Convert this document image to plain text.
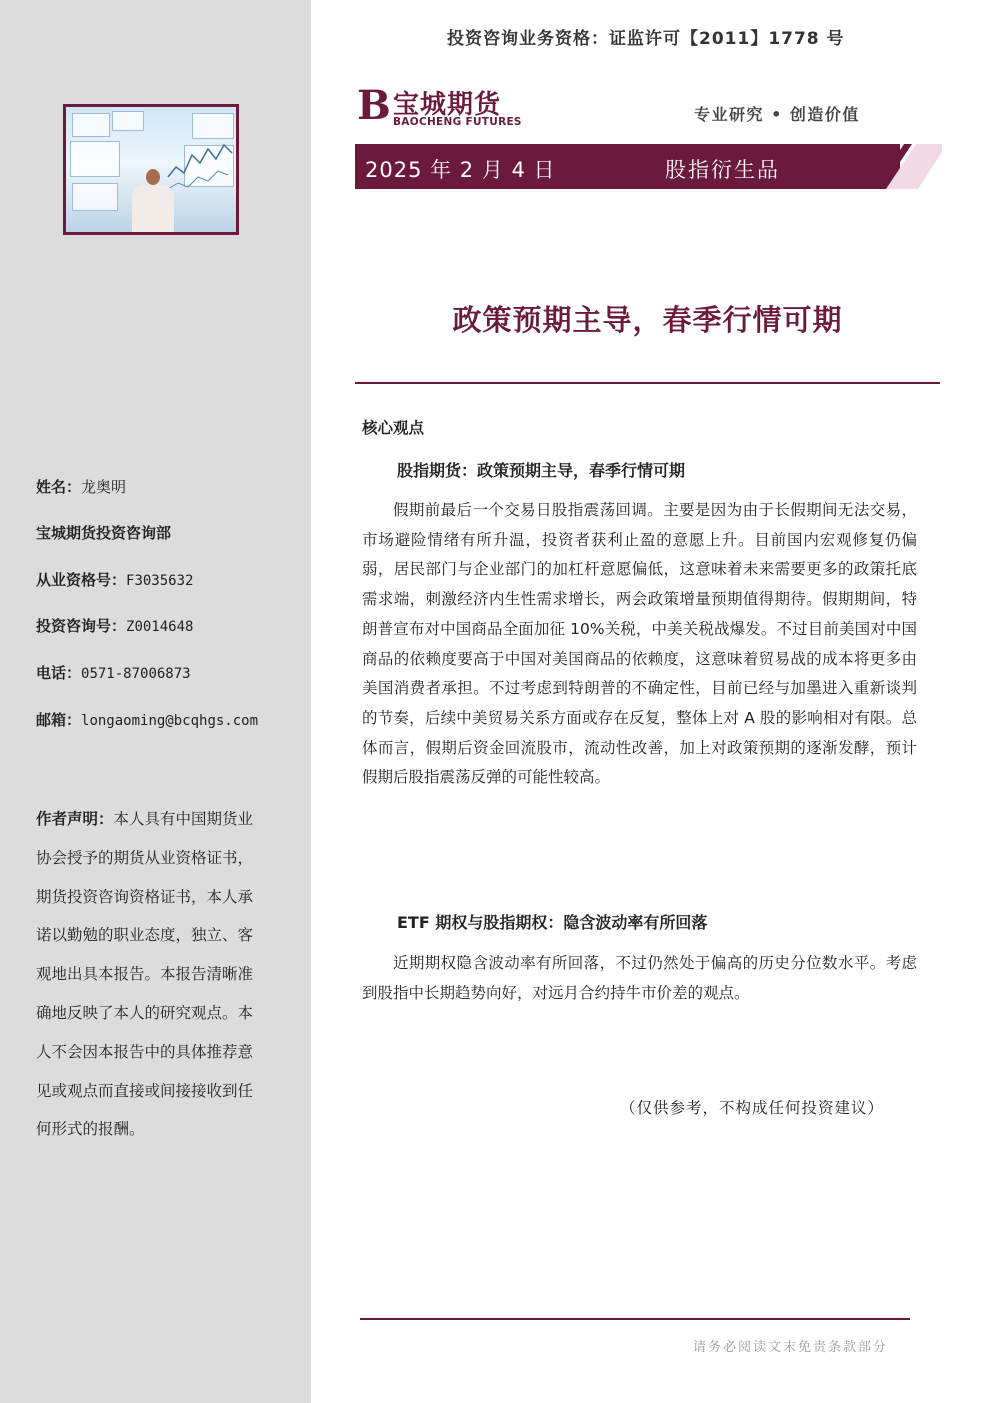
姓名：龙奥明
宝城期货投资咨询部
从业资格号：F3035632
投资咨询号：Z0014648
电话：0571-87006873
邮箱：longaoming@bcqhgs.com
作者声明：本人具有中国期货业协会授予的期货从业资格证书，期货投资咨询资格证书，本人承诺以勤勉的职业态度，独立、客观地出具本报告。本报告清晰准确地反映了本人的研究观点。本人不会因本报告中的具体推荐意见或观点而直接或间接接收到任何形式的报酬。
投资咨询业务资格：证监许可【2011】1778 号
B 宝城期货
BAOCHENG FUTURES	专业研究 • 创造价值
2025 年 2 月 4 日	股指衍生品
政策预期主导，春季行情可期
核心观点
股指期货：政策预期主导，春季行情可期
假期前最后一个交易日股指震荡回调。主要是因为由于长假期间无法交易，市场避险情绪有所升温，投资者获利止盈的意愿上升。目前国内宏观修复仍偏弱，居民部门与企业部门的加杠杆意愿偏低，这意味着未来需要更多的政策托底需求端，刺激经济内生性需求增长，两会政策增量预期值得期待。假期期间，特朗普宣布对中国商品全面加征 10%关税，中美关税战爆发。不过目前美国对中国商品的依赖度要高于中国对美国商品的依赖度，这意味着贸易战的成本将更多由美国消费者承担。不过考虑到特朗普的不确定性，目前已经与加墨进入重新谈判的节奏，后续中美贸易关系方面或存在反复，整体上对 A 股的影响相对有限。总体而言，假期后资金回流股市，流动性改善，加上对政策预期的逐渐发酵，预计假期后股指震荡反弹的可能性较高。
ETF 期权与股指期权：隐含波动率有所回落
近期期权隐含波动率有所回落，不过仍然处于偏高的历史分位数水平。考虑到股指中长期趋势向好，对远月合约持牛市价差的观点。
（仅供参考，不构成任何投资建议）
请务必阅读文末免责条款部分
